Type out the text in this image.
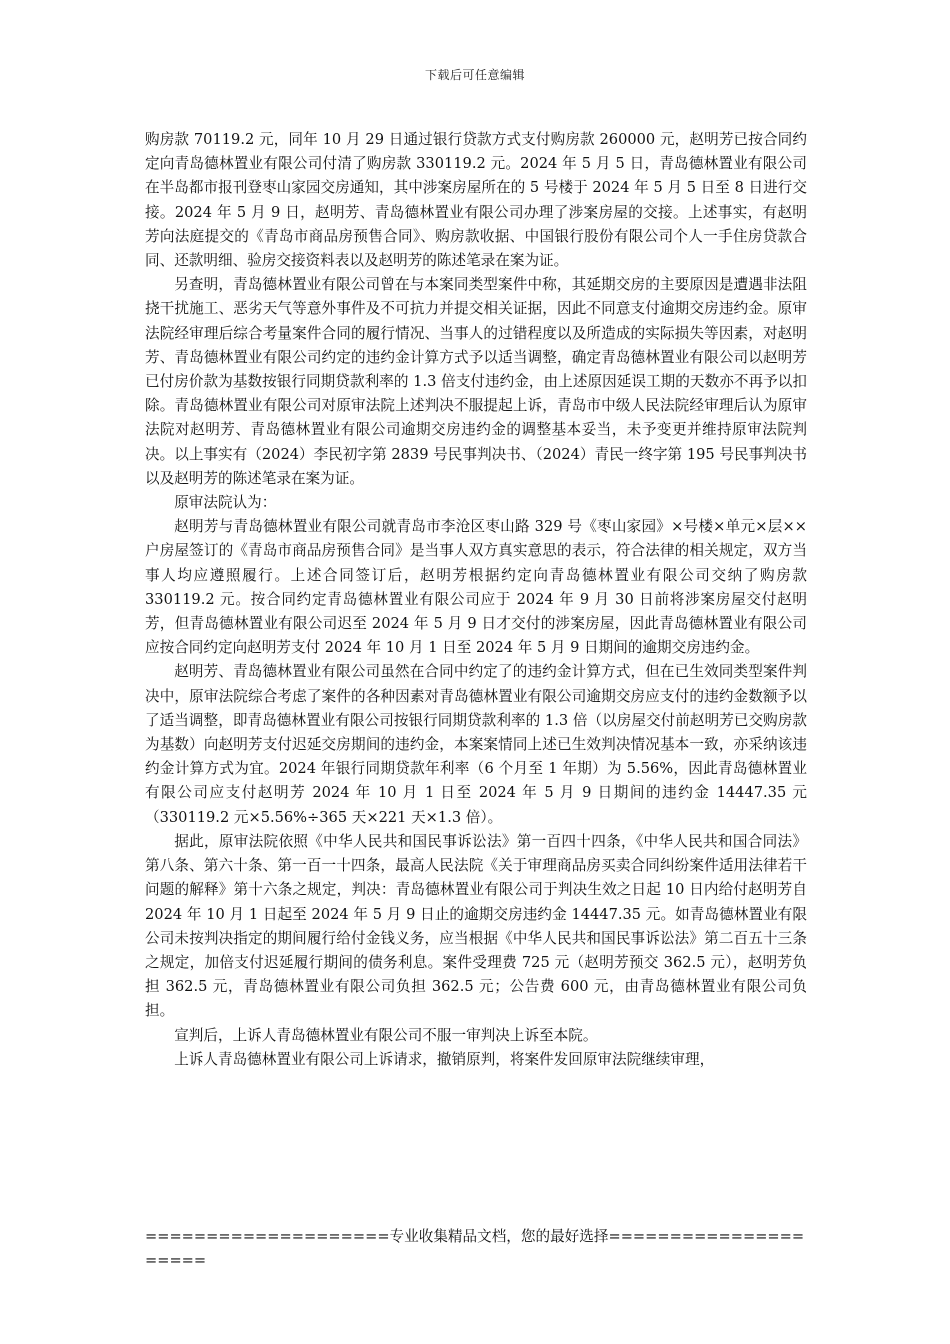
下载后可任意编辑

购房款 70119.2 元，同年 10 月 29 日通过银行贷款方式支付购房款 260000 元，赵明芳已按合同约定向青岛德林置业有限公司付清了购房款 330119.2 元。2024 年 5 月 5 日，青岛德林置业有限公司在半岛都市报刊登枣山家园交房通知，其中涉案房屋所在的 5 号楼于 2024 年 5 月 5 日至 8 日进行交接。2024 年 5 月 9 日，赵明芳、青岛德林置业有限公司办理了涉案房屋的交接。上述事实，有赵明芳向法庭提交的《青岛市商品房预售合同》、购房款收据、中国银行股份有限公司个人一手住房贷款合同、还款明细、验房交接资料表以及赵明芳的陈述笔录在案为证。

另查明，青岛德林置业有限公司曾在与本案同类型案件中称，其延期交房的主要原因是遭遇非法阻挠干扰施工、恶劣天气等意外事件及不可抗力并提交相关证据，因此不同意支付逾期交房违约金。原审法院经审理后综合考量案件合同的履行情况、当事人的过错程度以及所造成的实际损失等因素，对赵明芳、青岛德林置业有限公司约定的违约金计算方式予以适当调整，确定青岛德林置业有限公司以赵明芳已付房价款为基数按银行同期贷款利率的 1.3 倍支付违约金，由上述原因延误工期的天数亦不再予以扣除。青岛德林置业有限公司对原审法院上述判决不服提起上诉，青岛市中级人民法院经审理后认为原审法院对赵明芳、青岛德林置业有限公司逾期交房违约金的调整基本妥当，未予变更并维持原审法院判决。以上事实有（2024）李民初字第 2839 号民事判决书、（2024）青民一终字第 195 号民事判决书以及赵明芳的陈述笔录在案为证。

原审法院认为：

赵明芳与青岛德林置业有限公司就青岛市李沧区枣山路 329 号《枣山家园》×号楼×单元×层××户房屋签订的《青岛市商品房预售合同》是当事人双方真实意思的表示，符合法律的相关规定，双方当事人均应遵照履行。上述合同签订后，赵明芳根据约定向青岛德林置业有限公司交纳了购房款 330119.2 元。按合同约定青岛德林置业有限公司应于 2024 年 9 月 30 日前将涉案房屋交付赵明芳，但青岛德林置业有限公司迟至 2024 年 5 月 9 日才交付的涉案房屋，因此青岛德林置业有限公司应按合同约定向赵明芳支付 2024 年 10 月 1 日至 2024 年 5 月 9 日期间的逾期交房违约金。

赵明芳、青岛德林置业有限公司虽然在合同中约定了的违约金计算方式，但在已生效同类型案件判决中，原审法院综合考虑了案件的各种因素对青岛德林置业有限公司逾期交房应支付的违约金数额予以了适当调整，即青岛德林置业有限公司按银行同期贷款利率的 1.3 倍（以房屋交付前赵明芳已交购房款为基数）向赵明芳支付迟延交房期间的违约金，本案案情同上述已生效判决情况基本一致，亦采纳该违约金计算方式为宜。2024 年银行同期贷款年利率（6 个月至 1 年期）为 5.56%，因此青岛德林置业有限公司应支付赵明芳 2024 年 10 月 1 日至 2024 年 5 月 9 日期间的违约金 14447.35 元（330119.2 元×5.56%÷365 天×221 天×1.3 倍）。

据此，原审法院依照《中华人民共和国民事诉讼法》第一百四十四条，《中华人民共和国合同法》第八条、第六十条、第一百一十四条，最高人民法院《关于审理商品房买卖合同纠纷案件适用法律若干问题的解释》第十六条之规定，判决：青岛德林置业有限公司于判决生效之日起 10 日内给付赵明芳自 2024 年 10 月 1 日起至 2024 年 5 月 9 日止的逾期交房违约金 14447.35 元。如青岛德林置业有限公司未按判决指定的期间履行给付金钱义务，应当根据《中华人民共和国民事诉讼法》第二百五十三条之规定，加倍支付迟延履行期间的债务利息。案件受理费 725 元（赵明芳预交 362.5 元），赵明芳负担 362.5 元，青岛德林置业有限公司负担 362.5 元；公告费 600 元，由青岛德林置业有限公司负担。

宣判后，上诉人青岛德林置业有限公司不服一审判决上诉至本院。

上诉人青岛德林置业有限公司上诉请求，撤销原判，将案件发回原审法院继续审理，

====================专业收集精品文档，您的最好选择=====================
